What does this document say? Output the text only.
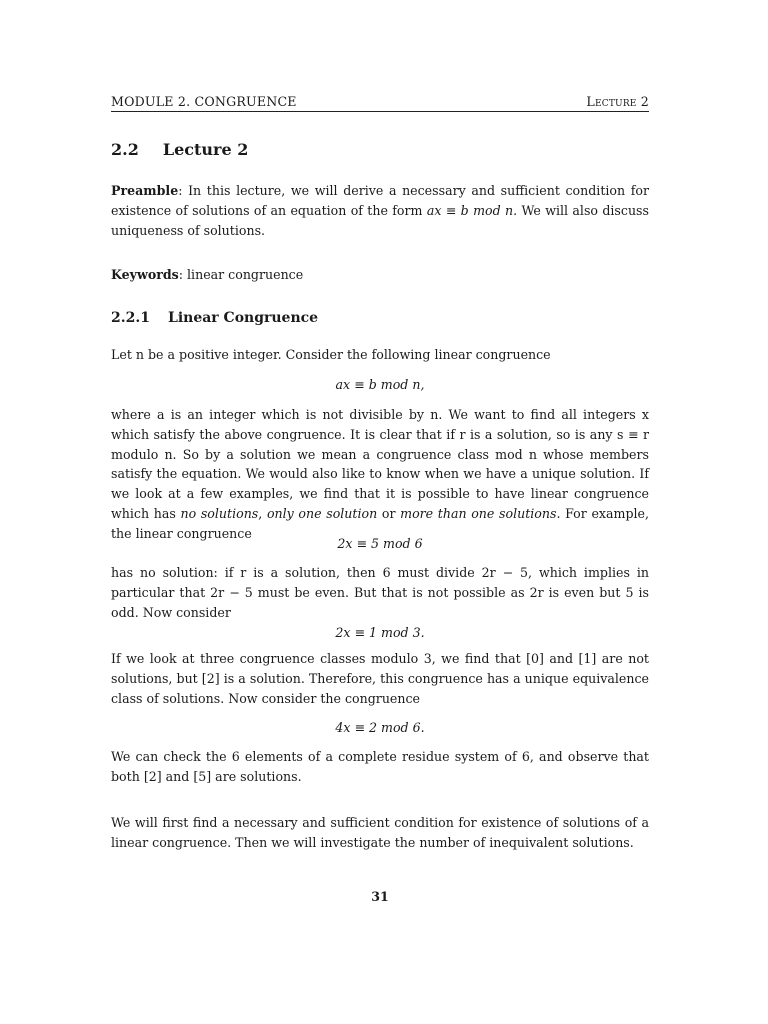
MODULE 2. CONGRUENCE	Lecture 2
2.2 Lecture 2

Preamble: In this lecture, we will derive a necessary and sufficient condition for existence of solutions of an equation of the form ax ≡ b mod n. We will also discuss uniqueness of solutions.

Keywords: linear congruence

2.2.1 Linear Congruence

Let n be a positive integer. Consider the following linear congruence

ax ≡ b mod n,

where a is an integer which is not divisible by n. We want to find all integers x which satisfy the above congruence. It is clear that if r is a solution, so is any s ≡ r modulo n. So by a solution we mean a congruence class mod n whose members satisfy the equation. We would also like to know when we have a unique solution. If we look at a few examples, we find that it is possible to have linear congruence which has no solutions, only one solution or more than one solutions. For example, the linear congruence

2x ≡ 5 mod 6

has no solution: if r is a solution, then 6 must divide 2r − 5, which implies in particular that 2r − 5 must be even. But that is not possible as 2r is even but 5 is odd. Now consider

2x ≡ 1 mod 3.

If we look at three congruence classes modulo 3, we find that [0] and [1] are not solutions, but [2] is a solution. Therefore, this congruence has a unique equivalence class of solutions. Now consider the congruence

4x ≡ 2 mod 6.

We can check the 6 elements of a complete residue system of 6, and observe that both [2] and [5] are solutions.

We will first find a necessary and sufficient condition for existence of solutions of a linear congruence. Then we will investigate the number of inequivalent solutions.

31
